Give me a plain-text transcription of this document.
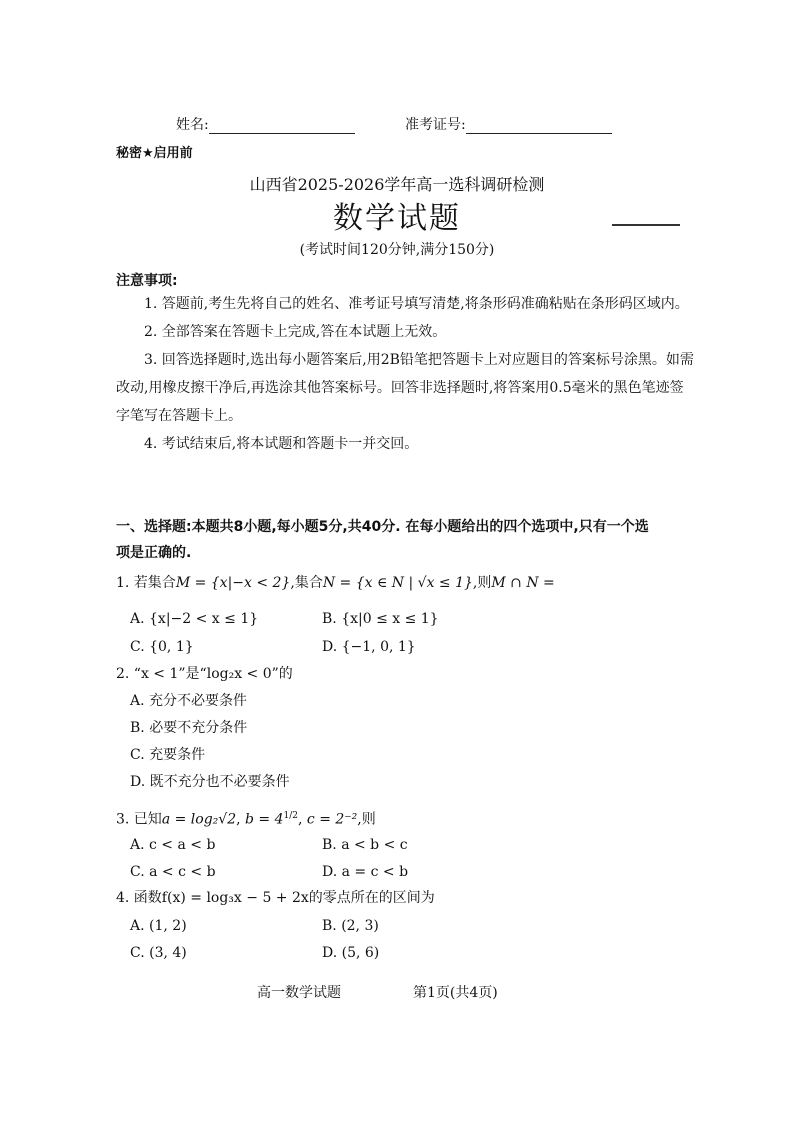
姓名:	准考证号:
秘密★启用前
山西省2025-2026学年高一选科调研检测
数学试题
(考试时间120分钟,满分150分)
注意事项:

1. 答题前,考生先将自己的姓名、准考证号填写清楚,将条形码准确粘贴在条形码区域内。

2. 全部答案在答题卡上完成,答在本试题上无效。

3. 回答选择题时,选出每小题答案后,用2B铅笔把答题卡上对应题目的答案标号涂黑。如需改动,用橡皮擦干净后,再选涂其他答案标号。回答非选择题时,将答案用0.5毫米的黑色笔迹签字笔写在答题卡上。

4. 考试结束后,将本试题和答题卡一并交回。

一、选择题:本题共8小题,每小题5分,共40分. 在每小题给出的四个选项中,只有一个选
项是正确的.
1. 若集合M = {x|−x < 2},集合N = {x ∈ N | √x ≤ 1},则M ∩ N =
A. {x|−2 < x ≤ 1}	B. {x|0 ≤ x ≤ 1}
C. {0, 1}	D. {−1, 0, 1}
2. “x < 1”是“log₂x < 0”的
A. 充分不必要条件
B. 必要不充分条件
C. 充要条件
D. 既不充分也不必要条件
3. 已知a = log₂√2, $b = 4^{1/2}$, c = 2⁻²,则
A. c < a < b	B. a < b < c
C. a < c < b	D. a = c < b
4. 函数f(x) = log₃x − 5 + 2x的零点所在的区间为
A. (1, 2)	B. (2, 3)
C. (3, 4)	D. (5, 6)
高一数学试题	第1页(共4页)
